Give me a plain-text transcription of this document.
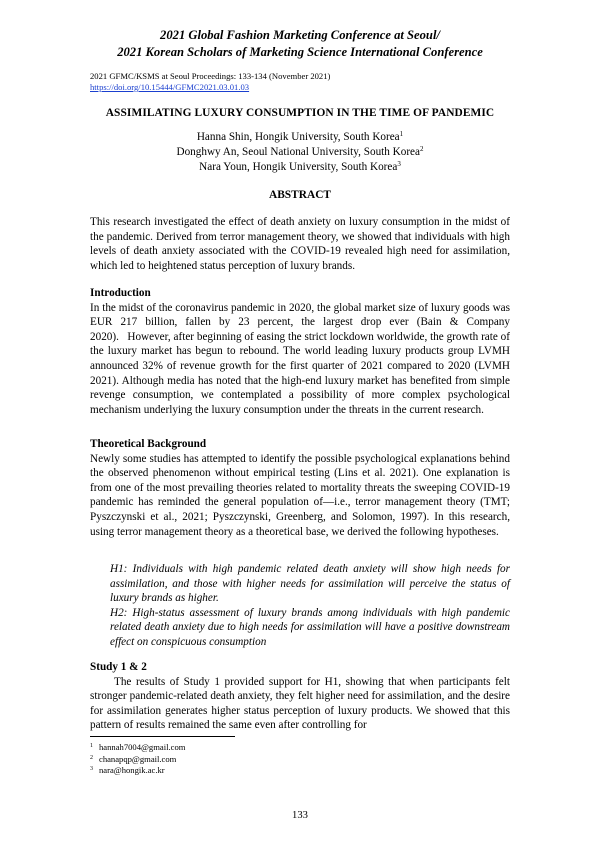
2021 Global Fashion Marketing Conference at Seoul/
2021 Korean Scholars of Marketing Science International Conference
2021 GFMC/KSMS at Seoul Proceedings: 133-134 (November 2021)
https://doi.org/10.15444/GFMC2021.03.01.03
ASSIMILATING LUXURY CONSUMPTION IN THE TIME OF PANDEMIC
Hanna Shin, Hongik University, South Korea$^1$
Donghwy An, Seoul National University, South Korea$^2$
Nara Youn, Hongik University, South Korea$^3$
ABSTRACT

This research investigated the effect of death anxiety on luxury consumption in the midst of the pandemic. Derived from terror management theory, we showed that individuals with high levels of death anxiety associated with the COVID-19 revealed high need for assimilation, which led to heightened status perception of luxury brands.

Introduction

In the midst of the coronavirus pandemic in 2020, the global market size of luxury goods was EUR 217 billion, fallen by 23 percent, the largest drop ever (Bain & Company 2020).   However, after beginning of easing the strict lockdown worldwide, the growth rate of the luxury market has begun to rebound. The world leading luxury products group LVMH announced 32% of revenue growth for the first quarter of 2021 compared to 2020 (LVMH 2021). Although media has noted that the high-end luxury market has benefited from simple revenge consumption, we contemplated a possibility of more complex psychological mechanism underlying the luxury consumption under the threats in the current research.

Theoretical Background

Newly some studies has attempted to identify the possible psychological explanations behind the observed phenomenon without empirical testing (Lins et al. 2021). One explanation is from one of the most prevailing theories related to mortality threats the sweeping COVID-19 pandemic has reminded the general population of—i.e., terror management theory (TMT; Pyszczynski et al., 2021; Pyszczynski, Greenberg, and Solomon, 1997). In this research, using terror management theory as a theoretical base, we derived the following hypotheses.

H1: Individuals with high pandemic related death anxiety will show high needs for assimilation, and those with higher needs for assimilation will perceive the status of luxury brands as higher.

H2: High-status assessment of luxury brands among individuals with high pandemic related death anxiety due to high needs for assimilation will have a positive downstream effect on conspicuous consumption

Study 1 & 2

The results of Study 1 provided support for H1, showing that when participants felt stronger pandemic-related death anxiety, they felt higher need for assimilation, and the desire for assimilation generates higher status perception of luxury products. We showed that this pattern of results remained the same even after controlling for

$^1$ hannah7004@gmail.com
$^2$ chanapqp@gmail.com
$^3$ nara@hongik.ac.kr
133
